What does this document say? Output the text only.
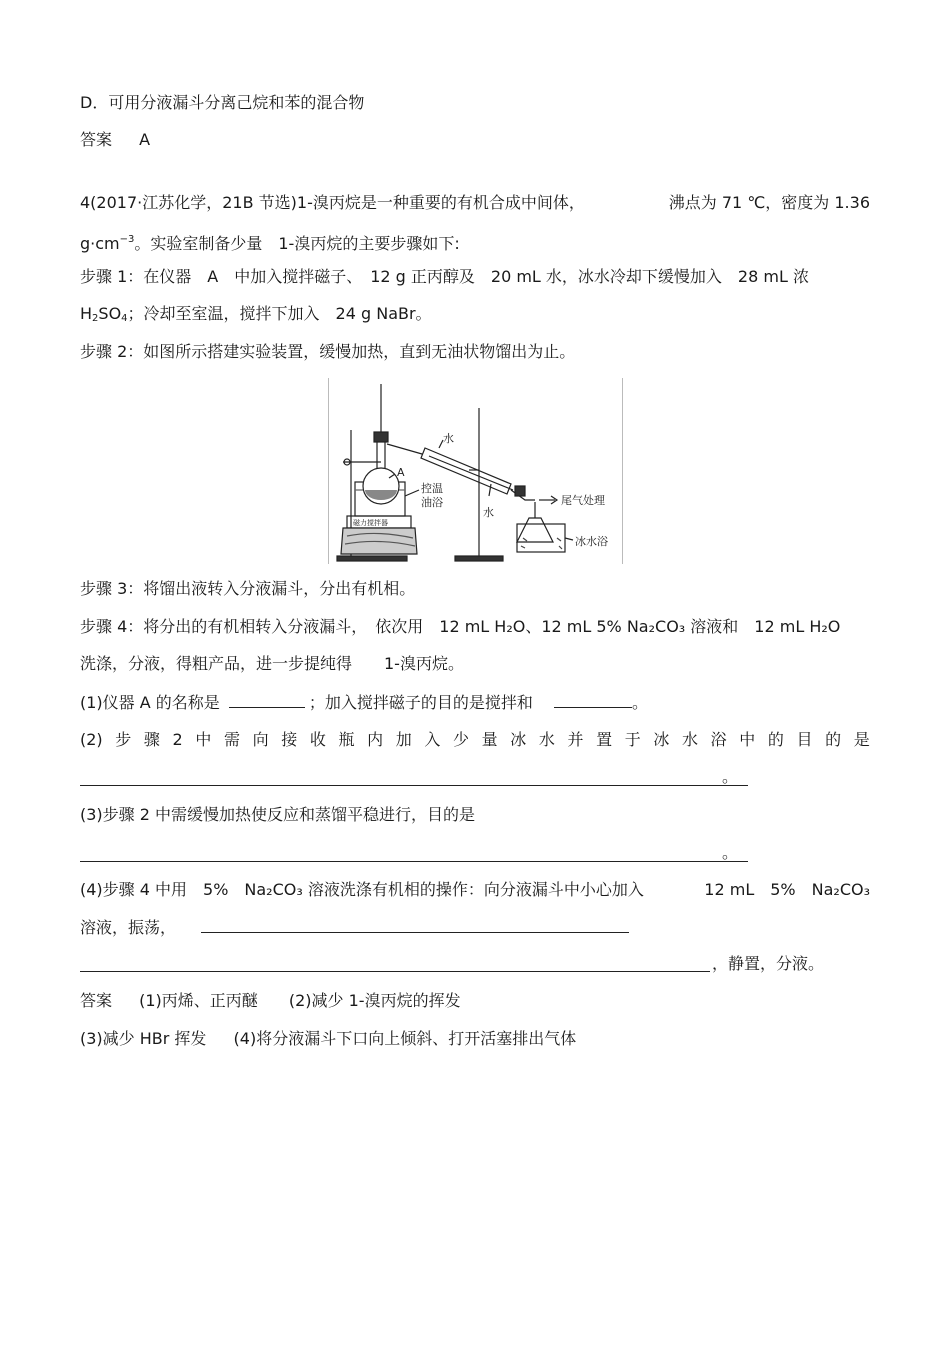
D．可用分液漏斗分离己烷和苯的混合物
答案 A
4(2017·江苏化学，21B 节选)1-溴丙烷是一种重要的有机合成中间体，	沸点为 71 ℃，密度为 1.36
$g\cdot cm^{-3}$。实验室制备少量　1-溴丙烷的主要步骤如下:
步骤 1：在仪器　A　中加入搅拌磁子、　12 g 正丙醇及　20 mL 水，冰水冷却下缓慢加入　28 mL 浓
$H_2SO_4$；冷却至室温，搅拌下加入　24 g NaBr。
步骤 2：如图所示搭建实验装置，缓慢加热，直到无油状物馏出为止。
A
水
水
控温
油浴
磁力搅拌器
尾气处理
冰水浴
步骤 3：将馏出液转入分液漏斗，分出有机相。
步骤 4：将分出的有机相转入分液漏斗，　依次用　12 mL H₂O、12 mL 5% Na₂CO₃ 溶液和　12 mL H₂O
洗涤，分液，得粗产品，进一步提纯得　　1-溴丙烷。
(1)仪器 A 的名称是	；加入搅拌磁子的目的是搅拌和	。
(2) 步 骤 2 中 需 向 接 收 瓶 内 加 入 少 量 冰 水 并 置 于 冰 水 浴 中 的 目 的 是
。
(3)步骤 2 中需缓慢加热使反应和蒸馏平稳进行，目的是
。
(4)步骤 4 中用　5%　Na₂CO₃ 溶液洗涤有机相的操作：向分液漏斗中小心加入	12 mL　5%　Na₂CO₃
溶液，振荡，
，静置，分液。
答案 (1)丙烯、正丙醚 (2)减少 1-溴丙烷的挥发
(3)减少 HBr 挥发 (4)将分液漏斗下口向上倾斜、打开活塞排出气体
